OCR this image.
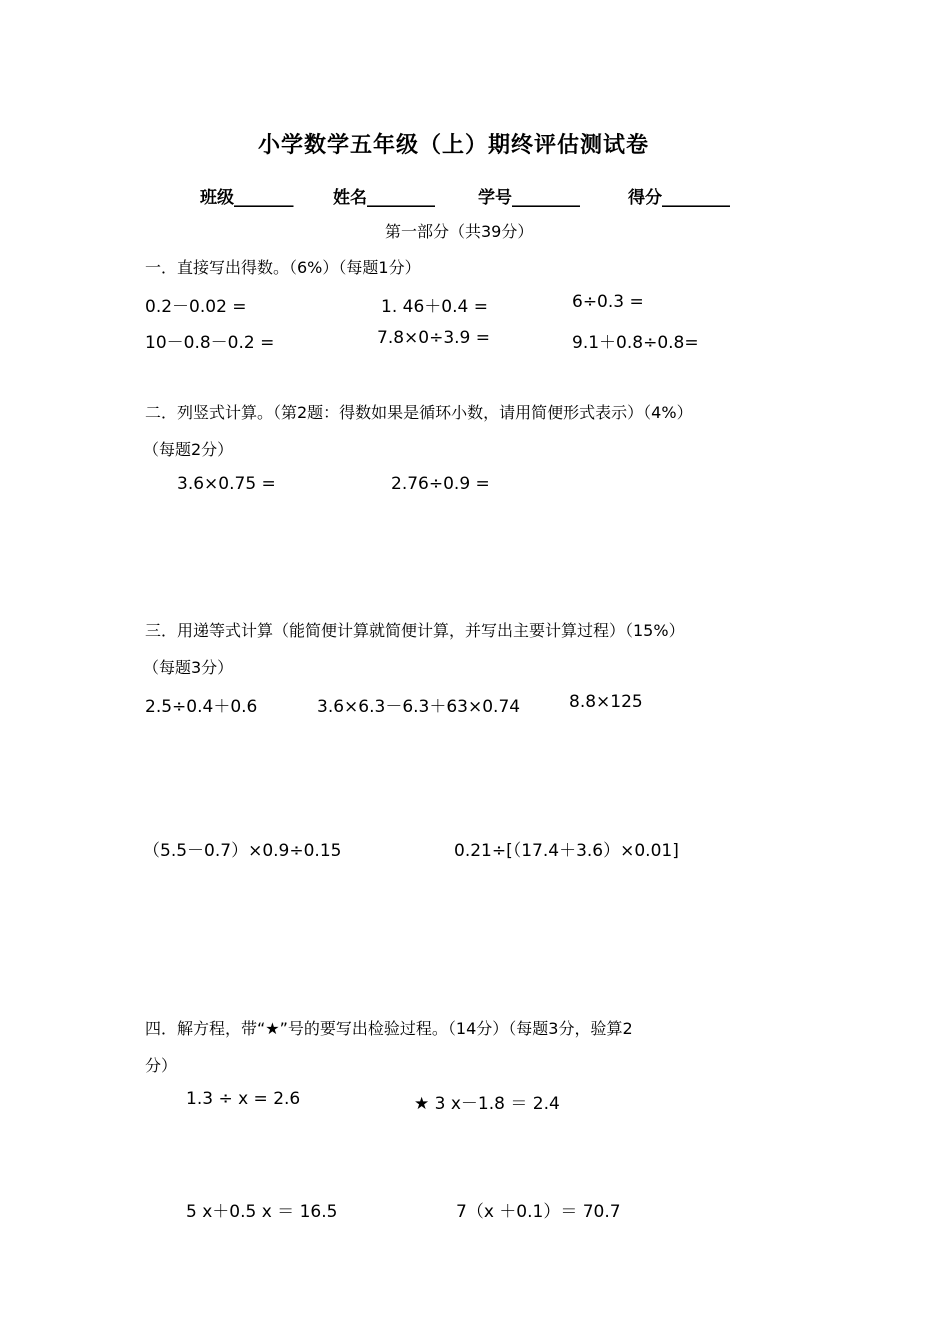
小学数学五年级（上）期终评估测试卷
班级_______ 姓名________	学号________	得分________
第一部分（共39分）
一．直接写出得数。（6%）（每题1分）
0.2－0.02 =	1. 46＋0.4 =	6÷0.3 =
10－0.8－0.2 =	7.8×0÷3.9 =	9.1＋0.8÷0.8=
二．列竖式计算。（第2题：得数如果是循环小数，请用简便形式表示）（4%）
（每题2分）
3.6×0.75 =	2.76÷0.9 =
三．用递等式计算（能简便计算就简便计算，并写出主要计算过程）（15%）
（每题3分）
2.5÷0.4＋0.6	3.6×6.3－6.3＋63×0.74	8.8×125
（5.5－0.7）×0.9÷0.15	0.21÷[（17.4＋3.6）×0.01]
四．解方程，带“★”号的要写出检验过程。（14分）（每题3分，验算2
分）
1.3 ÷ x = 2.6	★ 3 x－1.8 ＝ 2.4
5 x＋0.5 x ＝ 16.5	7（x ＋0.1）＝ 70.7
